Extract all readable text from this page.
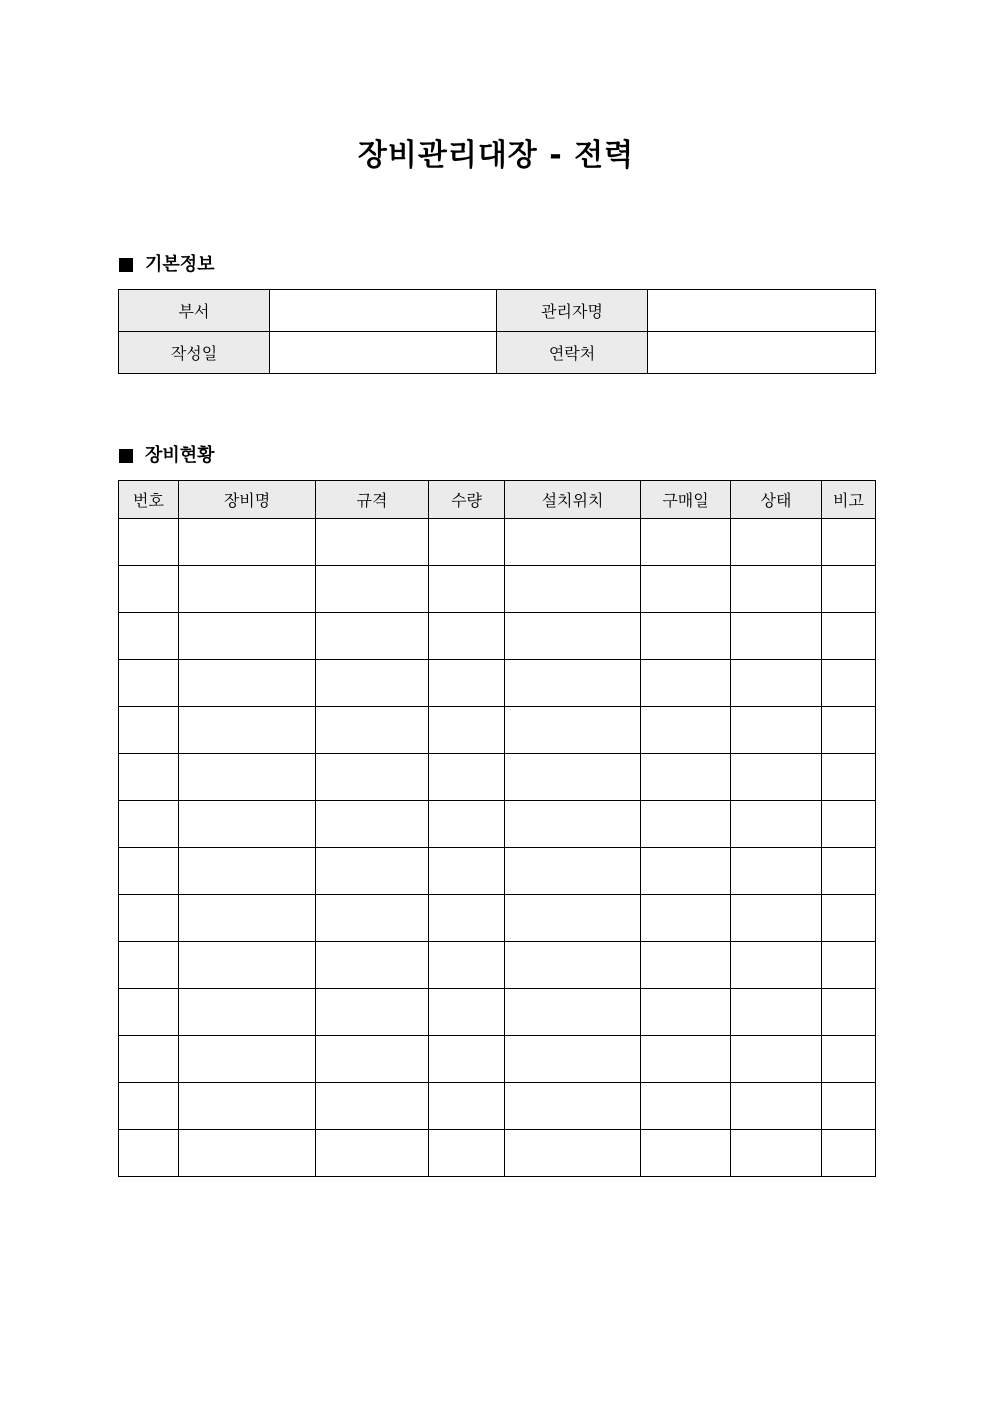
장비관리대장 - 전력
기본정보
부서		관리자명	
작성일		연락처	
장비현황
번호	장비명	규격	수량	설치위치	구매일	상태	비고
